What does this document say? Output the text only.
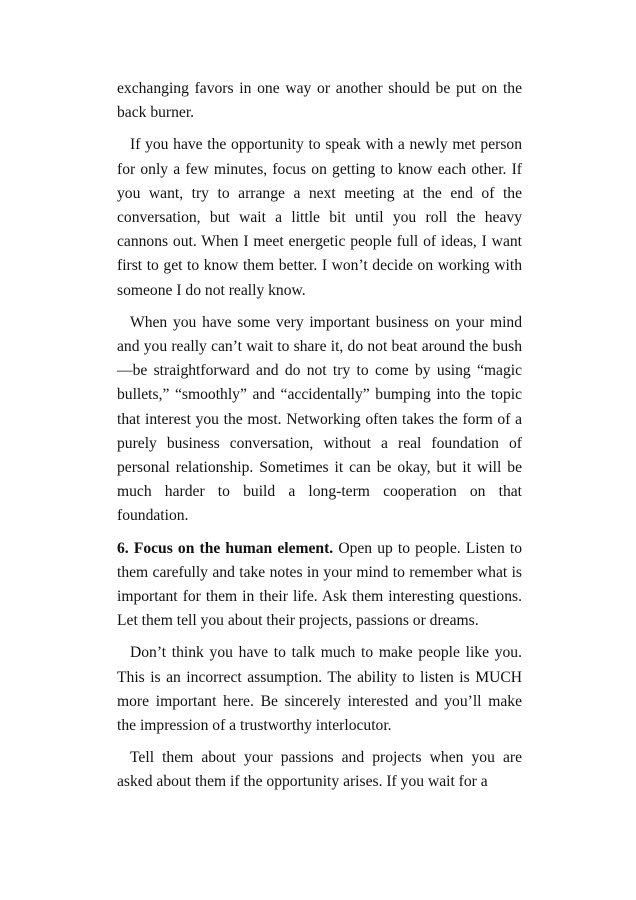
exchanging favors in one way or another should be put on the back burner.

If you have the opportunity to speak with a newly met person for only a few minutes, focus on getting to know each other. If you want, try to arrange a next meeting at the end of the conversation, but wait a little bit until you roll the heavy cannons out. When I meet energetic people full of ideas, I want first to get to know them better. I won’t decide on working with someone I do not really know.

When you have some very important business on your mind and you really can’t wait to share it, do not beat around the bush—be straightforward and do not try to come by using “magic bullets,” “smoothly” and “accidentally” bumping into the topic that interest you the most. Networking often takes the form of a purely business conversation, without a real foundation of personal relationship. Sometimes it can be okay, but it will be much harder to build a long-term cooperation on that foundation.

6. Focus on the human element. Open up to people. Listen to them carefully and take notes in your mind to remember what is important for them in their life. Ask them interesting questions. Let them tell you about their projects, passions or dreams.

Don’t think you have to talk much to make people like you. This is an incorrect assumption. The ability to listen is MUCH more important here. Be sincerely interested and you’ll make the impression of a trustworthy interlocutor.

Tell them about your passions and projects when you are asked about them if the opportunity arises. If you wait for a
